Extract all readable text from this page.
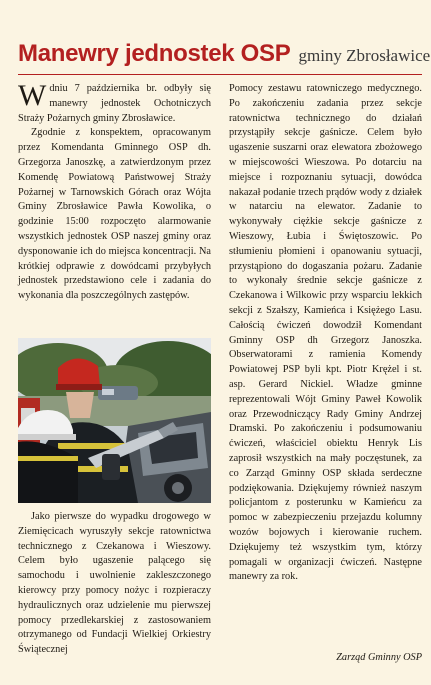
Manewry jednostek OSP gminy Zbrosławice

W dniu 7 października br. odbyły się manewry jednostek Ochotniczych Straży Pożarnych gminy Zbrosławice.

Zgodnie z konspektem, opracowanym przez Komendanta Gminnego OSP dh. Grzegorza Janoszkę, a zatwierdzonym przez Komendę Powiatową Państwowej Straży Pożarnej w Tarnowskich Górach oraz Wójta Gminy Zbrosławice Pawła Kowolika, o godzinie 15:00 rozpoczęto alarmowanie wszystkich jednostek OSP naszej gminy oraz dysponowanie ich do miejsca koncentracji. Na krótkiej odprawie z dowódcami przybyłych jednostek przedstawiono cele i zadania do wykonania dla poszczególnych zastępów.

Jako pierwsze do wypadku drogowego w Ziemięcicach wyruszyły sekcje ratownictwa technicznego z Czekanowa i Wieszowy. Celem było ugaszenie palącego się samochodu i uwolnienie zakleszczonego kierowcy przy pomocy nożyc i rozpieraczy hydraulicznych oraz udzielenie mu pierwszej pomocy przedlekarskiej z zastosowaniem otrzymanego od Fundacji Wielkiej Orkiestry Świątecznej

Pomocy zestawu ratowniczego medycznego. Po zakończeniu zadania przez sekcje ratownictwa technicznego do działań przystąpiły sekcje gaśnicze. Celem było ugaszenie suszarni oraz elewatora zbożowego w miejscowości Wieszowa. Po dotarciu na miejsce i rozpoznaniu sytuacji, dowódca nakazał podanie trzech prądów wody z działek w natarciu na elewator. Zadanie to wykonywały ciężkie sekcje gaśnicze z Wieszowy, Łubia i Świętoszowic. Po stłumieniu płomieni i opanowaniu sytuacji, przystąpiono do dogaszania pożaru. Zadanie to wykonały średnie sekcje gaśnicze z Czekanowa i Wilkowic przy wsparciu lekkich sekcji z Szałszy, Kamieńca i Księżego Lasu. Całością ćwiczeń dowodził Komendant Gminny OSP dh Grzegorz Janoszka. Obserwatorami z ramienia Komendy Powiatowej PSP byli kpt. Piotr Krężel i st. asp. Gerard Nickiel. Władze gminne reprezentowali Wójt Gminy Paweł Kowolik oraz Przewodniczący Rady Gminy Andrzej Dramski. Po zakończeniu i podsumowaniu ćwiczeń, właściciel obiektu Henryk Lis zaprosił wszystkich na mały poczęstunek, za co Zarząd Gminny OSP składa serdeczne podziękowania. Dziękujemy również naszym policjantom z posterunku w Kamieńcu za pomoc w zabezpieczeniu przejazdu kolumny wozów bojowych i kierowanie ruchem. Dziękujemy też wszystkim tym, którzy pomagali w organizacji ćwiczeń. Następne manewry za rok.

Zarząd Gminny OSP
